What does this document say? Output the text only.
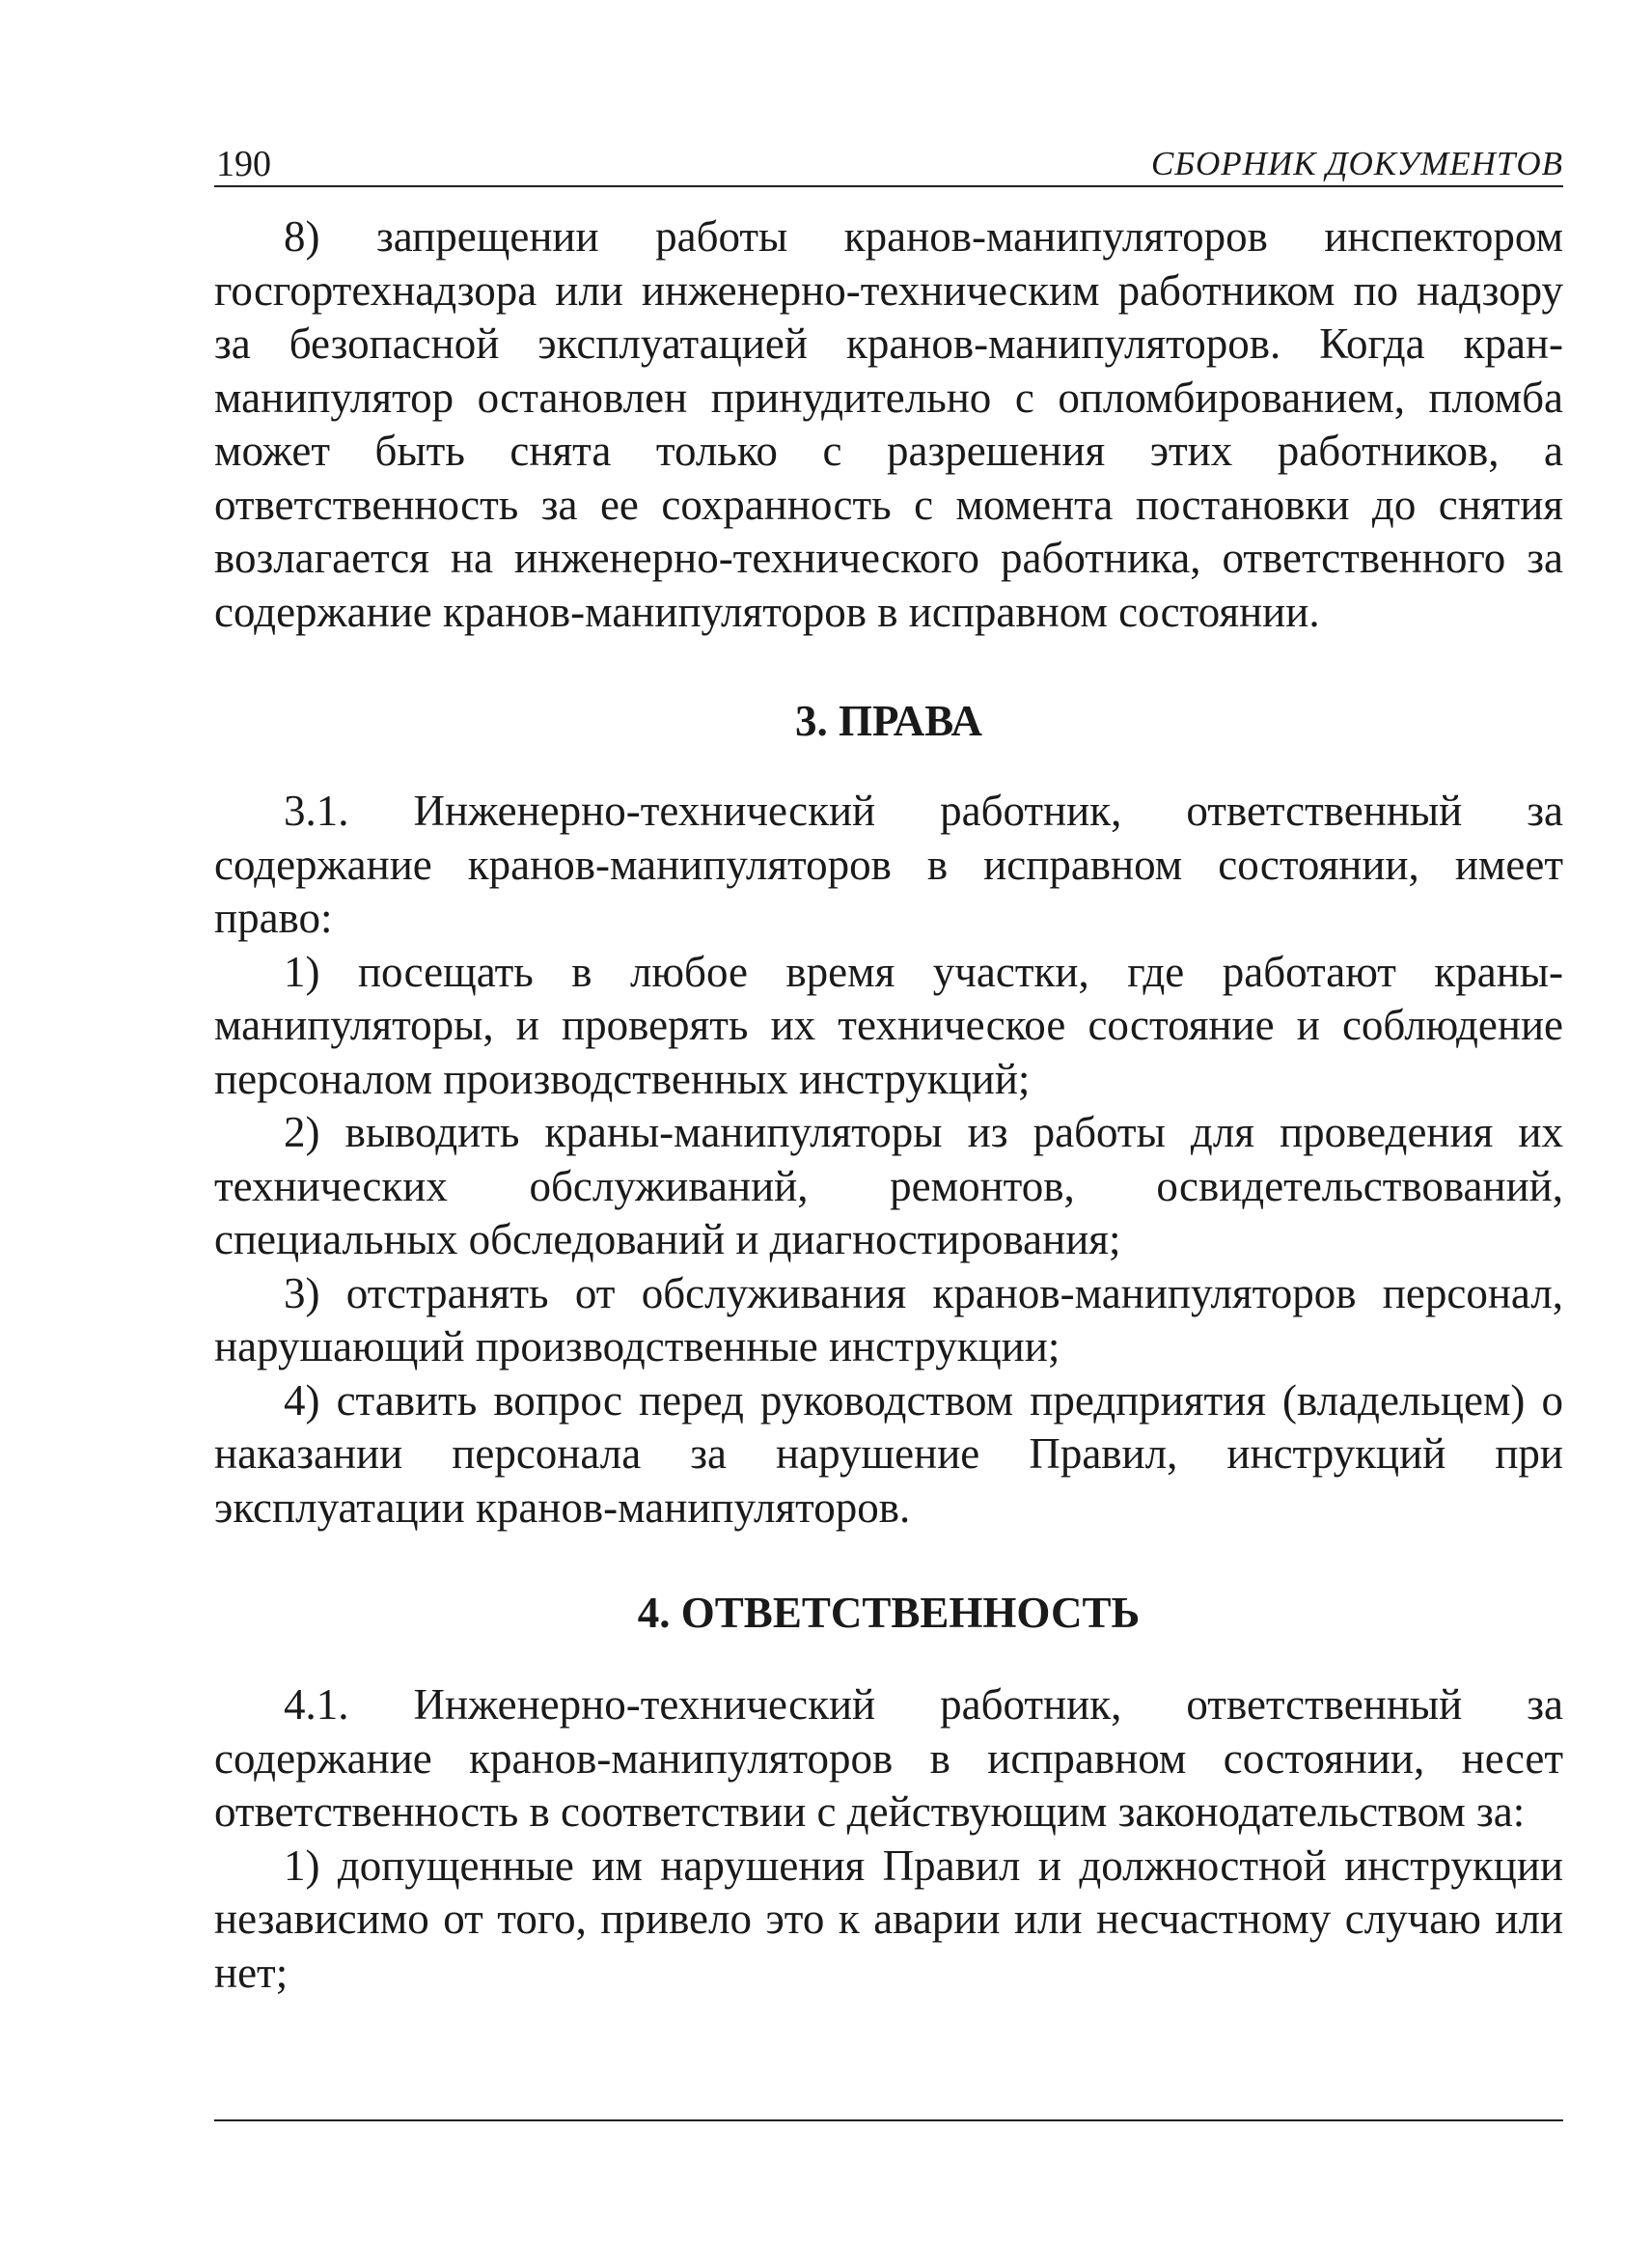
190	СБОРНИК ДОКУМЕНТОВ

8) запрещении работы кранов-манипуляторов инспектором госгортехнадзора или инженерно-техническим работником по надзору за безопасной эксплуатацией кранов-манипуляторов. Когда кран-манипулятор остановлен принудительно с опломбированием, пломба может быть снята только с разрешения этих работников, а ответственность за ее сохранность с момента постановки до снятия возлагается на инженерно-технического работника, ответственного за содержание кранов-манипуляторов в исправном состоянии.

3. ПРАВА

3.1. Инженерно-технический работник, ответственный за содержание кранов-манипуляторов в исправном состоянии, имеет право:

1) посещать в любое время участки, где работают краны-манипуляторы, и проверять их техническое состояние и соблюдение персоналом производственных инструкций;

2) выводить краны-манипуляторы из работы для проведения их технических обслуживаний, ремонтов, освидетельствований, специальных обследований и диагностирования;

3) отстранять от обслуживания кранов-манипуляторов персонал, нарушающий производственные инструкции;

4) ставить вопрос перед руководством предприятия (владельцем) о наказании персонала за нарушение Правил, инструкций при эксплуатации кранов-манипуляторов.

4. ОТВЕТСТВЕННОСТЬ

4.1. Инженерно-технический работник, ответственный за содержание кранов-манипуляторов в исправном состоянии, несет ответственность в соответствии с действующим законодательством за:

1) допущенные им нарушения Правил и должностной инструкции независимо от того, привело это к аварии или несчастному случаю или нет;
